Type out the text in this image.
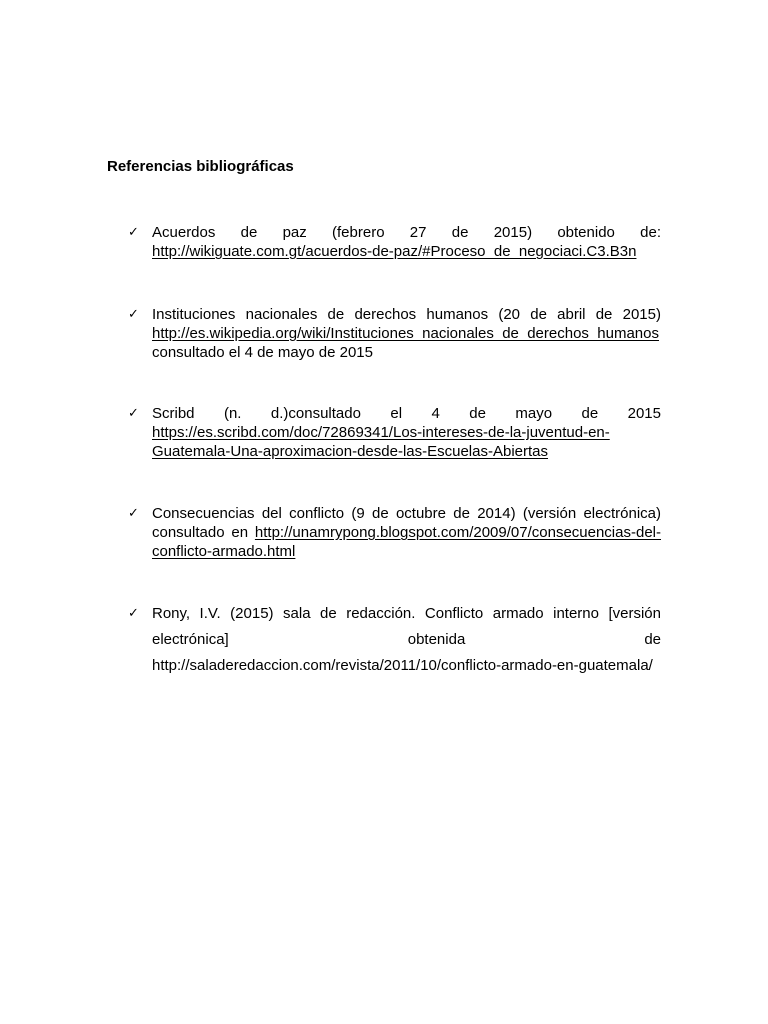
Referencias bibliográficas
✓ Acuerdos de paz (febrero 27 de 2015) obtenido de:
http://wikiguate.com.gt/acuerdos-de-paz/#Proceso_de_negociaci.C3.B3n
✓ Instituciones nacionales de derechos humanos (20 de abril de 2015)
http://es.wikipedia.org/wiki/Instituciones_nacionales_de_derechos_humanos
consultado el 4 de mayo de 2015
✓ Scribd (n. d.)consultado el 4 de mayo de 2015
https://es.scribd.com/doc/72869341/Los-intereses-de-la-juventud-en-
Guatemala-Una-aproximacion-desde-las-Escuelas-Abiertas
✓ Consecuencias del conflicto (9 de octubre de 2014) (versión electrónica)
consultado en http://unamrypong.blogspot.com/2009/07/consecuencias-del-
conflicto-armado.html
✓ Rony, I.V. (2015) sala de redacción. Conflicto armado interno [versión
electrónica] obtenida de
http://saladeredaccion.com/revista/2011/10/conflicto-armado-en-guatemala/
